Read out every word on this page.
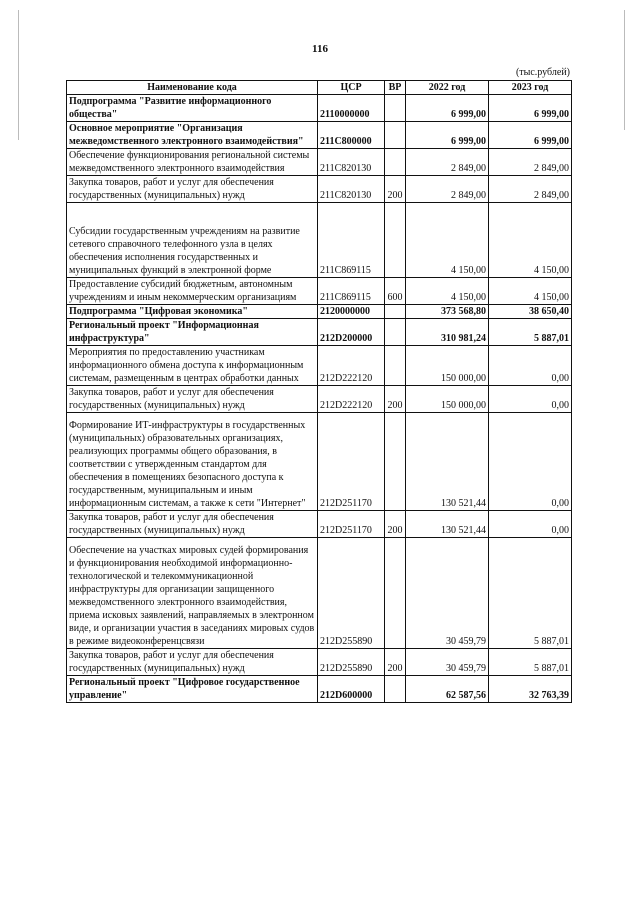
116
(тыс.рублей)
Наименование кода	ЦСР	ВР	2022 год	2023 год
Подпрограмма "Развитие информационного общества"	2110000000		6 999,00	6 999,00
Основное мероприятие "Организация межведомственного электронного взаимодействия"	211С800000		6 999,00	6 999,00
Обеспечение функционирования региональной системы межведомственного электронного взаимодействия	211С820130		2 849,00	2 849,00
Закупка товаров, работ и услуг для обеспечения государственных (муниципальных) нужд	211С820130	200	2 849,00	2 849,00
Субсидии государственным учреждениям на развитие сетевого справочного телефонного узла в целях обеспечения исполнения государственных и муниципальных функций в электронной форме	211С869115		4 150,00	4 150,00
Предоставление субсидий бюджетным, автономным учреждениям и иным некоммерческим организациям	211С869115	600	4 150,00	4 150,00
Подпрограмма "Цифровая экономика"	2120000000		373 568,80	38 650,40
Региональный проект "Информационная инфраструктура"	212D200000		310 981,24	5 887,01
Мероприятия по предоставлению участникам информационного обмена доступа к информационным системам, размещенным в центрах обработки данных	212D222120		150 000,00	0,00
Закупка товаров, работ и услуг для обеспечения государственных (муниципальных) нужд	212D222120	200	150 000,00	0,00
Формирование ИТ-инфраструктуры в государственных (муниципальных) образовательных организациях, реализующих программы общего образования, в соответствии с утвержденным стандартом для обеспечения в помещениях безопасного доступа к государственным, муниципальным и иным информационным системам, а также к сети "Интернет"	212D251170		130 521,44	0,00
Закупка товаров, работ и услуг для обеспечения государственных (муниципальных) нужд	212D251170	200	130 521,44	0,00
Обеспечение на участках мировых судей формирования и функционирования необходимой информационно-технологической и телекоммуникационной инфраструктуры для организации защищенного межведомственного электронного взаимодействия, приема исковых заявлений, направляемых в электронном виде, и организации участия в заседаниях мировых судов в режиме видеоконференцсвязи	212D255890		30 459,79	5 887,01
Закупка товаров, работ и услуг для обеспечения государственных (муниципальных) нужд	212D255890	200	30 459,79	5 887,01
Региональный проект "Цифровое государственное управление"	212D600000		62 587,56	32 763,39
